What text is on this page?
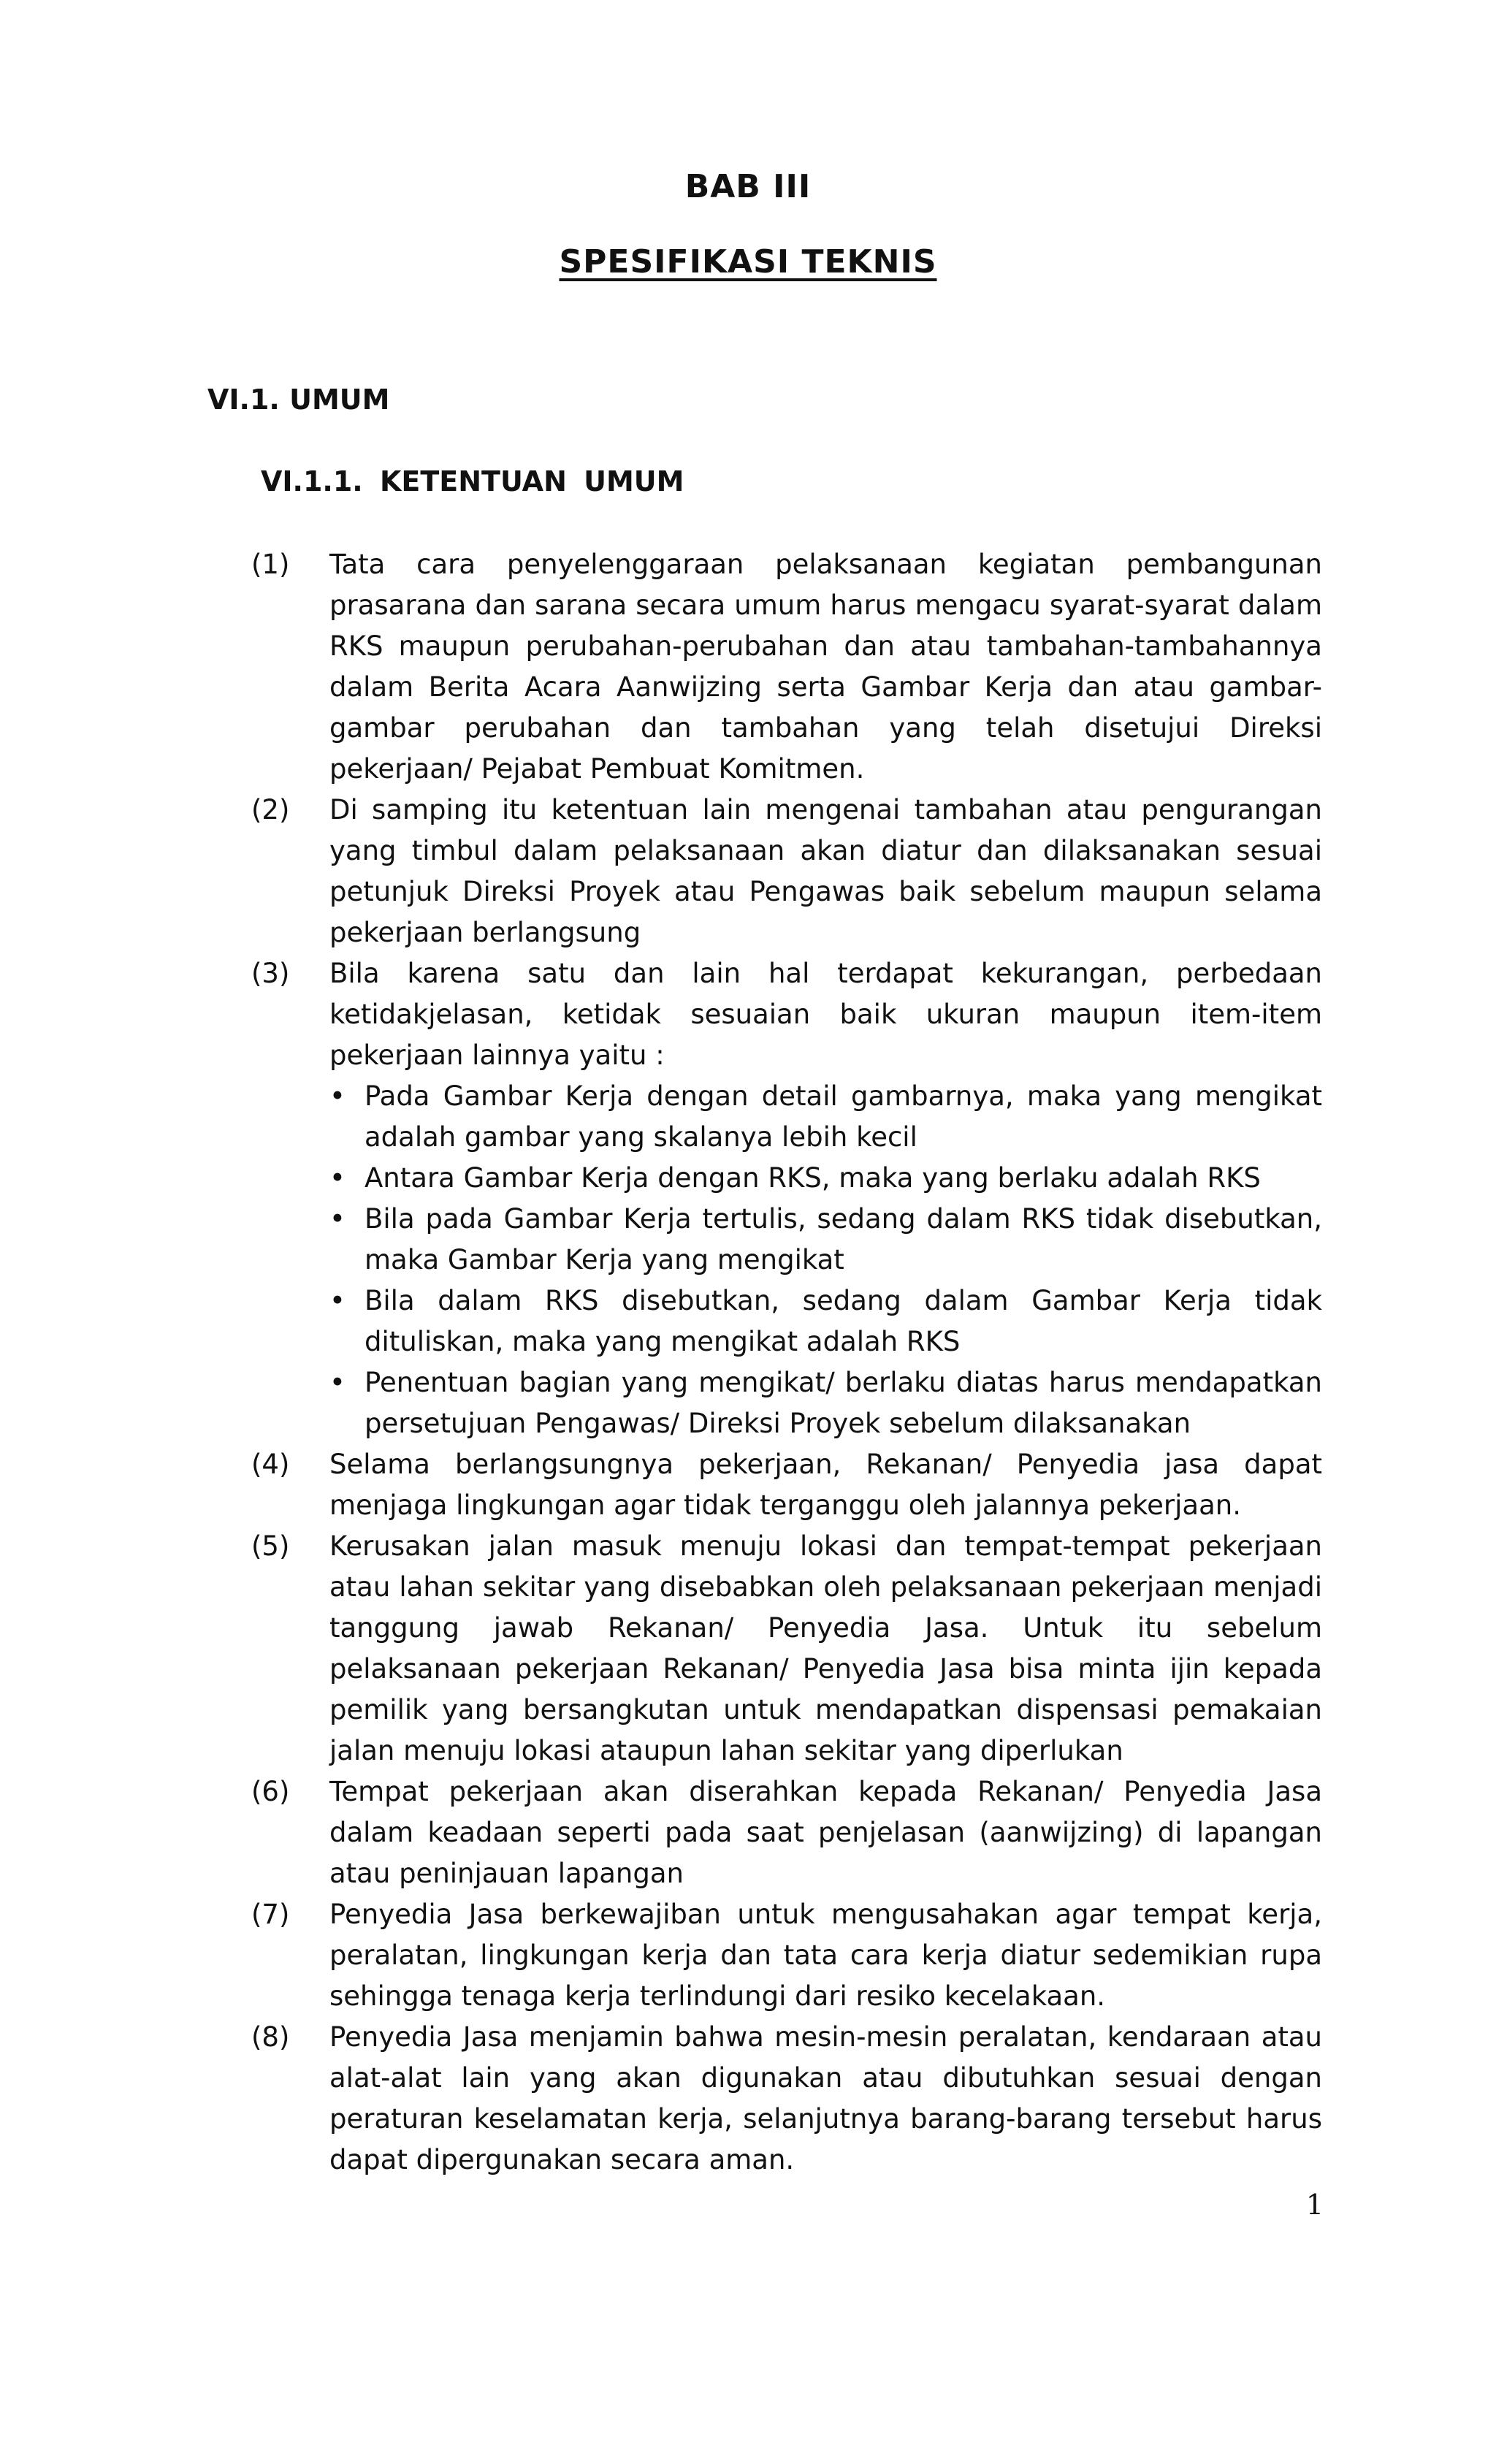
BAB III
SPESIFIKASI TEKNIS
VI.1. UMUM
VI.1.1. KETENTUAN UMUM
(1)	Tata cara penyelenggaraan pelaksanaan kegiatan pembangunan prasarana dan sarana secara umum harus mengacu syarat-syarat dalam RKS maupun perubahan-perubahan dan atau tambahan-tambahannya dalam Berita Acara Aanwijzing serta Gambar Kerja dan atau gambar-gambar perubahan dan tambahan yang telah disetujui Direksi pekerjaan/ Pejabat Pembuat Komitmen.
(2)	Di samping itu ketentuan lain mengenai tambahan atau pengurangan yang timbul dalam pelaksanaan akan diatur dan dilaksanakan sesuai petunjuk Direksi Proyek atau Pengawas baik sebelum maupun selama pekerjaan berlangsung
(3)	Bila karena satu dan lain hal terdapat kekurangan, perbedaan ketidakjelasan, ketidak sesuaian baik ukuran maupun item-item pekerjaan lainnya yaitu :
• Pada Gambar Kerja dengan detail gambarnya, maka yang mengikat adalah gambar yang skalanya lebih kecil
• Antara Gambar Kerja dengan RKS, maka yang berlaku adalah RKS
• Bila pada Gambar Kerja tertulis, sedang dalam RKS tidak disebutkan, maka Gambar Kerja yang mengikat
• Bila dalam RKS disebutkan, sedang dalam Gambar Kerja tidak dituliskan, maka yang mengikat adalah RKS
• Penentuan bagian yang mengikat/ berlaku diatas harus mendapatkan persetujuan Pengawas/ Direksi Proyek sebelum dilaksanakan
(4)	Selama berlangsungnya pekerjaan, Rekanan/ Penyedia jasa dapat menjaga lingkungan agar tidak terganggu oleh jalannya pekerjaan.
(5)	Kerusakan jalan masuk menuju lokasi dan tempat-tempat pekerjaan atau lahan sekitar yang disebabkan oleh pelaksanaan pekerjaan menjadi tanggung jawab Rekanan/ Penyedia Jasa. Untuk itu sebelum pelaksanaan pekerjaan Rekanan/ Penyedia Jasa bisa minta ijin kepada pemilik yang bersangkutan untuk mendapatkan dispensasi pemakaian jalan menuju lokasi ataupun lahan sekitar yang diperlukan
(6)	Tempat pekerjaan akan diserahkan kepada Rekanan/ Penyedia Jasa dalam keadaan seperti pada saat penjelasan (aanwijzing) di lapangan atau peninjauan lapangan
(7)	Penyedia Jasa berkewajiban untuk mengusahakan agar tempat kerja, peralatan, lingkungan kerja dan tata cara kerja diatur sedemikian rupa sehingga tenaga kerja terlindungi dari resiko kecelakaan.
(8)	Penyedia Jasa menjamin bahwa mesin-mesin peralatan, kendaraan atau alat-alat lain yang akan digunakan atau dibutuhkan sesuai dengan peraturan keselamatan kerja, selanjutnya barang-barang tersebut harus dapat dipergunakan secara aman.
1
